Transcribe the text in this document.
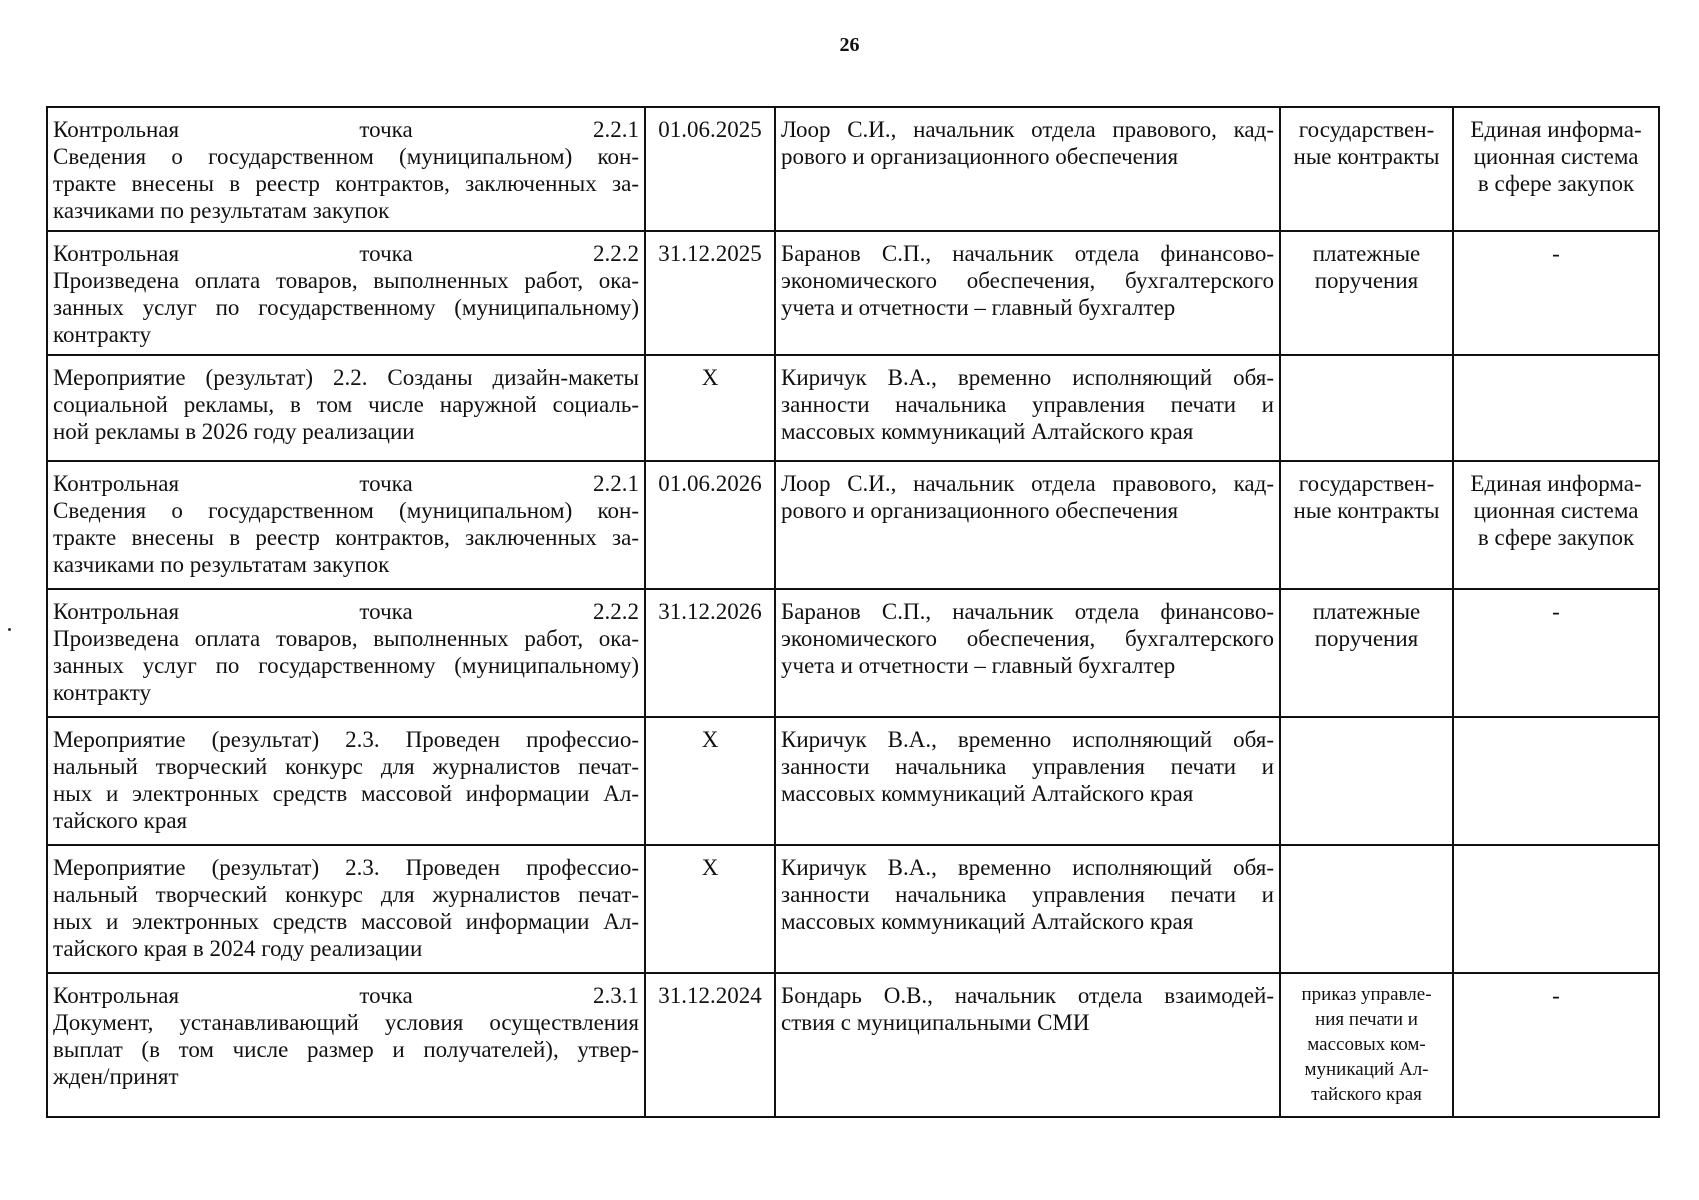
26
Контрольная точка 2.2.1
Сведения о государственном (муниципальном) кон-
тракте внесены в реестр контрактов, заключенных за-
казчиками по результатам закупок	01.06.2025	Лоор С.И., начальник отдела правового, кад-
рового и организационного обеспечения	государствен-
ные контракты	Единая информа-
ционная система
в сфере закупок

Контрольная точка 2.2.2
Произведена оплата товаров, выполненных работ, ока-
занных услуг по государственному (муниципальному)
контракту	31.12.2025	Баранов С.П., начальник отдела финансово-
экономического обеспечения, бухгалтерского
учета и отчетности – главный бухгалтер	платежные
поручения	-

Мероприятие (результат) 2.2. Созданы дизайн-макеты
социальной рекламы, в том числе наружной социаль-
ной рекламы в 2026 году реализации	Х	Киричук В.А., временно исполняющий обя-
занности начальника управления печати и
массовых коммуникаций Алтайского края		

Контрольная точка 2.2.1
Сведения о государственном (муниципальном) кон-
тракте внесены в реестр контрактов, заключенных за-
казчиками по результатам закупок	01.06.2026	Лоор С.И., начальник отдела правового, кад-
рового и организационного обеспечения	государствен-
ные контракты	Единая информа-
ционная система
в сфере закупок

Контрольная точка 2.2.2
Произведена оплата товаров, выполненных работ, ока-
занных услуг по государственному (муниципальному)
контракту	31.12.2026	Баранов С.П., начальник отдела финансово-
экономического обеспечения, бухгалтерского
учета и отчетности – главный бухгалтер	платежные
поручения	-

Мероприятие (результат) 2.3. Проведен профессио-
нальный творческий конкурс для журналистов печат-
ных и электронных средств массовой информации Ал-
тайского края	Х	Киричук В.А., временно исполняющий обя-
занности начальника управления печати и
массовых коммуникаций Алтайского края		

Мероприятие (результат) 2.3. Проведен профессио-
нальный творческий конкурс для журналистов печат-
ных и электронных средств массовой информации Ал-
тайского края в 2024 году реализации	Х	Киричук В.А., временно исполняющий обя-
занности начальника управления печати и
массовых коммуникаций Алтайского края		

Контрольная точка 2.3.1
Документ, устанавливающий условия осуществления
выплат (в том числе размер и получателей), утвер-
жден/принят	31.12.2024	Бондарь О.В., начальник отдела взаимодей-
ствия с муниципальными СМИ	приказ управле-
ния печати и
массовых ком-
муникаций Ал-
тайского края	-
